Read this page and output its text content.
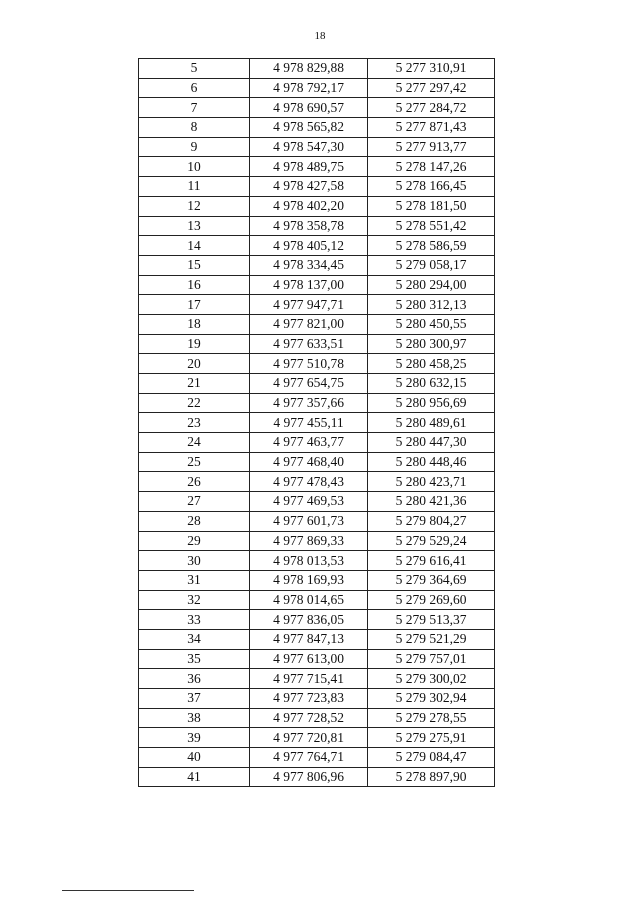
18
5	4 978 829,88	5 277 310,91
6	4 978 792,17	5 277 297,42
7	4 978 690,57	5 277 284,72
8	4 978 565,82	5 277 871,43
9	4 978 547,30	5 277 913,77
10	4 978 489,75	5 278 147,26
11	4 978 427,58	5 278 166,45
12	4 978 402,20	5 278 181,50
13	4 978 358,78	5 278 551,42
14	4 978 405,12	5 278 586,59
15	4 978 334,45	5 279 058,17
16	4 978 137,00	5 280 294,00
17	4 977 947,71	5 280 312,13
18	4 977 821,00	5 280 450,55
19	4 977 633,51	5 280 300,97
20	4 977 510,78	5 280 458,25
21	4 977 654,75	5 280 632,15
22	4 977 357,66	5 280 956,69
23	4 977 455,11	5 280 489,61
24	4 977 463,77	5 280 447,30
25	4 977 468,40	5 280 448,46
26	4 977 478,43	5 280 423,71
27	4 977 469,53	5 280 421,36
28	4 977 601,73	5 279 804,27
29	4 977 869,33	5 279 529,24
30	4 978 013,53	5 279 616,41
31	4 978 169,93	5 279 364,69
32	4 978 014,65	5 279 269,60
33	4 977 836,05	5 279 513,37
34	4 977 847,13	5 279 521,29
35	4 977 613,00	5 279 757,01
36	4 977 715,41	5 279 300,02
37	4 977 723,83	5 279 302,94
38	4 977 728,52	5 279 278,55
39	4 977 720,81	5 279 275,91
40	4 977 764,71	5 279 084,47
41	4 977 806,96	5 278 897,90
